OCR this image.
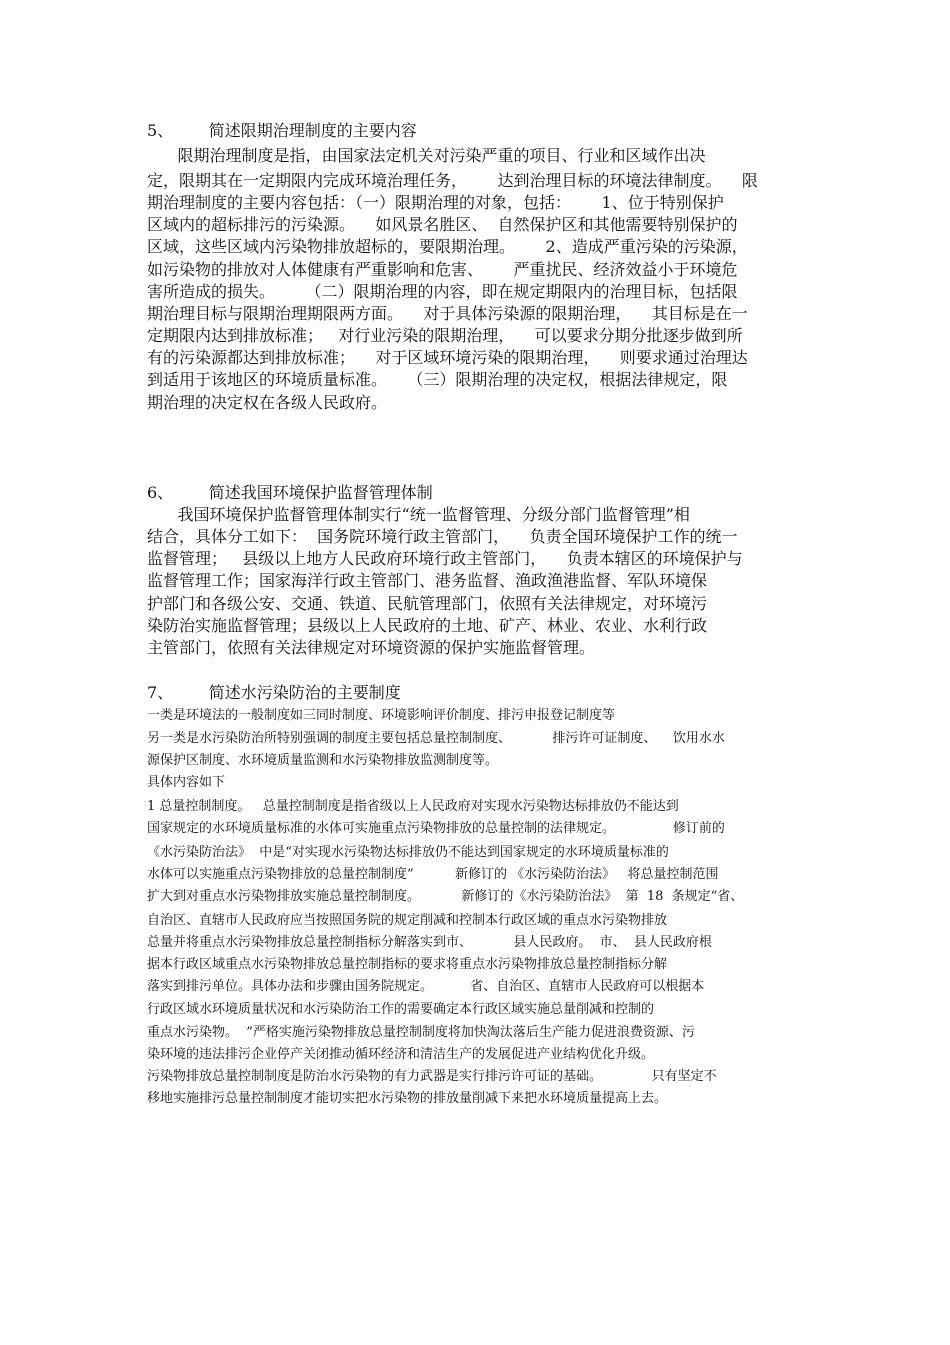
5、       简述限期治理制度的主要内容
限期治理制度是指，由国家法定机关对污染严重的项目、行业和区域作出决
定，限期其在一定期限内完成环境治理任务，      达到治理目标的环境法律制度。    限
期治理制度的主要内容包括：（一）限期治理的对象，包括：      1、位于特别保护
区域内的超标排污的污染源。    如风景名胜区、  自然保护区和其他需要特别保护的
区域，这些区域内污染物排放超标的，要限期治理。      2、造成严重污染的污染源，
如污染物的排放对人体健康有严重影响和危害、      严重扰民、经济效益小于环境危
害所造成的损失。      （二）限期治理的内容，即在规定期限内的治理目标，包括限
期治理目标与限期治理期限两方面。    对于具体污染源的限期治理，    其目标是在一
定期限内达到排放标准；   对行业污染的限期治理，    可以要求分期分批逐步做到所
有的污染源都达到排放标准；    对于区域环境污染的限期治理，    则要求通过治理达
到适用于该地区的环境质量标准。    （三）限期治理的决定权，根据法律规定，限
期治理的决定权在各级人民政府。
6、       简述我国环境保护监督管理体制
我国环境保护监督管理体制实行“统一监督管理、分级分部门监督管理”相
结合，具体分工如下：  国务院环境行政主管部门，    负责全国环境保护工作的统一
监督管理；   县级以上地方人民政府环境行政主管部门，    负责本辖区的环境保护与
监督管理工作；国家海洋行政主管部门、港务监督、渔政渔港监督、军队环境保
护部门和各级公安、交通、铁道、民航管理部门，依照有关法律规定，对环境污
染防治实施监督管理；县级以上人民政府的土地、矿产、林业、农业、水利行政
主管部门，依照有关法律规定对环境资源的保护实施监督管理。
7、       简述水污染防治的主要制度
一类是环境法的一般制度如三同时制度、环境影响评价制度、排污申报登记制度等
另一类是水污染防治所特别强调的制度主要包括总量控制制度、          排污许可证制度、    饮用水水
源保护区制度、水环境质量监测和水污染物排放监测制度等。
具体内容如下
1 总量控制制度。   总量控制制度是指省级以上人民政府对实现水污染物达标排放仍不能达到
国家规定的水环境质量标准的水体可实施重点污染物排放的总量控制的法律规定。              修订前的
《水污染防治法》  中是“对实现水污染物达标排放仍不能达到国家规定的水环境质量标准的
水体可以实施重点污染物排放的总量控制制度”          新修订的 《水污染防治法》   将总量控制范围
扩大到对重点水污染物排放实施总量控制制度。          新修订的《水污染防治法》  第  18  条规定“省、
自治区、直辖市人民政府应当按照国务院的规定削减和控制本行政区域的重点水污染物排放
总量并将重点水污染物排放总量控制指标分解落实到市、          县人民政府。  市、  县人民政府根
据本行政区域重点水污染物排放总量控制指标的要求将重点水污染物排放总量控制指标分解
落实到排污单位。具体办法和步骤由国务院规定。         省、自治区、直辖市人民政府可以根据本
行政区域水环境质量状况和水污染防治工作的需要确定本行政区域实施总量削减和控制的
重点水污染物。  ”严格实施污染物排放总量控制制度将加快淘汰落后生产能力促进浪费资源、污
染环境的违法排污企业停产关闭推动循环经济和清洁生产的发展促进产业结构优化升级。
污染物排放总量控制制度是防治水污染物的有力武器是实行排污许可证的基础。            只有坚定不
移地实施排污总量控制制度才能切实把水污染物的排放量削减下来把水环境质量提高上去。
